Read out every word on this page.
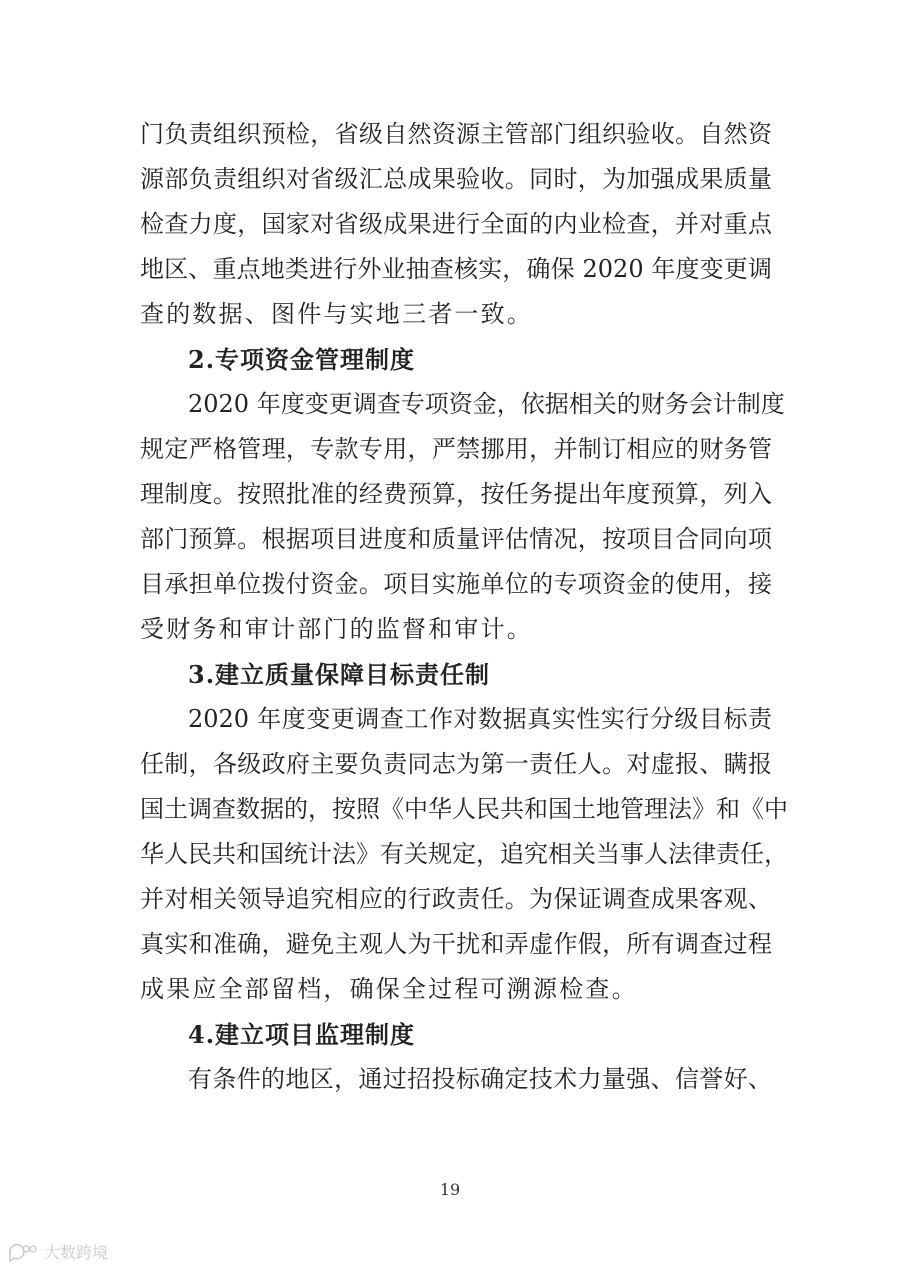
门负责组织预检，省级自然资源主管部门组织验收。自然资
源部负责组织对省级汇总成果验收。同时，为加强成果质量
检查力度，国家对省级成果进行全面的内业检查，并对重点
地区、重点地类进行外业抽查核实，确保 2020 年度变更调
查的数据、图件与实地三者一致。
2.专项资金管理制度
2020 年度变更调查专项资金，依据相关的财务会计制度
规定严格管理，专款专用，严禁挪用，并制订相应的财务管
理制度。按照批准的经费预算，按任务提出年度预算，列入
部门预算。根据项目进度和质量评估情况，按项目合同向项
目承担单位拨付资金。项目实施单位的专项资金的使用，接
受财务和审计部门的监督和审计。
3.建立质量保障目标责任制
2020 年度变更调查工作对数据真实性实行分级目标责
任制，各级政府主要负责同志为第一责任人。对虚报、瞒报
国土调查数据的，按照《中华人民共和国土地管理法》和《中
华人民共和国统计法》有关规定，追究相关当事人法律责任，
并对相关领导追究相应的行政责任。为保证调查成果客观、
真实和准确，避免主观人为干扰和弄虚作假，所有调查过程
成果应全部留档，确保全过程可溯源检查。
4.建立项目监理制度
有条件的地区，通过招投标确定技术力量强、信誉好、
19
大数跨境
